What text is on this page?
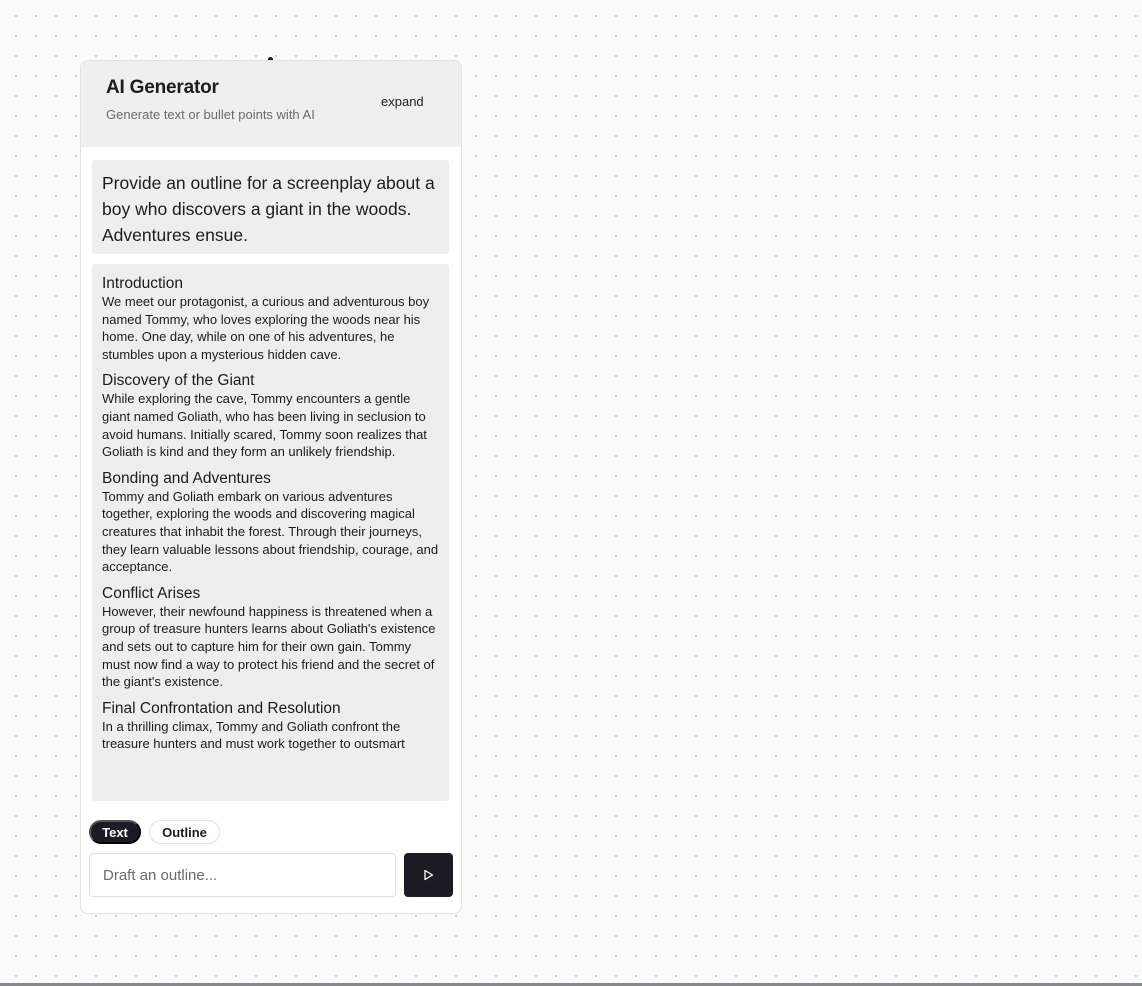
AI Generator
Generate text or bullet points with AI
expand
Provide an outline for a screenplay about a boy who discovers a giant in the woods. Adventures ensue.
Introduction
We meet our protagonist, a curious and adventurous boy named Tommy, who loves exploring the woods near his home. One day, while on one of his adventures, he stumbles upon a mysterious hidden cave.
Discovery of the Giant
While exploring the cave, Tommy encounters a gentle giant named Goliath, who has been living in seclusion to avoid humans. Initially scared, Tommy soon realizes that Goliath is kind and they form an unlikely friendship.
Bonding and Adventures
Tommy and Goliath embark on various adventures together, exploring the woods and discovering magical creatures that inhabit the forest. Through their journeys, they learn valuable lessons about friendship, courage, and acceptance.
Conflict Arises
However, their newfound happiness is threatened when a group of treasure hunters learns about Goliath's existence and sets out to capture him for their own gain. Tommy must now find a way to protect his friend and the secret of the giant's existence.
Final Confrontation and Resolution
In a thrilling climax, Tommy and Goliath confront the treasure hunters and must work together to outsmart
Text	Outline
Draft an outline...
